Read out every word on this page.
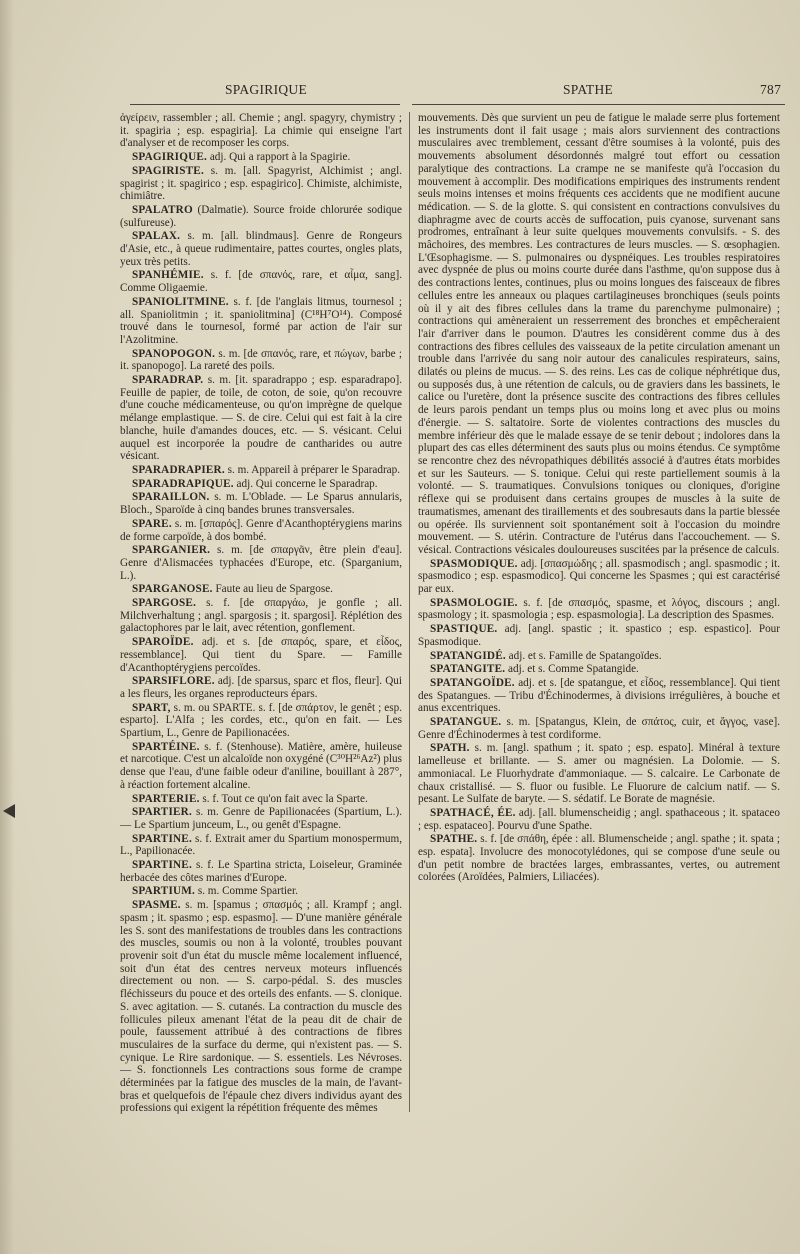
SPAGIRIQUE	SPATHE	787

ἀγείρειν, rassembler ; all. Chemie ; angl. spagyry, chymistry ; it. spagiria ; esp. espagiria]. La chimie qui enseigne l'art d'analyser et de recomposer les corps.

SPAGIRIQUE. adj. Qui a rapport à la Spagirie.

SPAGIRISTE. s. m. [all. Spagyrist, Alchimist ; angl. spagirist ; it. spagirico ; esp. espagirico]. Chimiste, alchimiste, chimiâtre.

SPALATRO (Dalmatie). Source froide chlorurée sodique (sulfureuse).

SPALAX. s. m. [all. blindmaus]. Genre de Rongeurs d'Asie, etc., à queue rudimentaire, pattes courtes, ongles plats, yeux très petits.

SPANHÉMIE. s. f. [de σπανός, rare, et αἷμα, sang]. Comme Oligaemie.

SPANIOLITMINE. s. f. [de l'anglais litmus, tournesol ; all. Spaniolitmin ; it. spaniolitmina] (C¹⁸H⁷O¹⁴). Composé trouvé dans le tournesol, formé par action de l'air sur l'Azolitmine.

SPANOPOGON. s. m. [de σπανός, rare, et πώγων, barbe ; it. spanopogo]. La rareté des poils.

SPARADRAP. s. m. [it. sparadrappo ; esp. esparadrapo]. Feuille de papier, de toile, de coton, de soie, qu'on recouvre d'une couche médicamenteuse, ou qu'on imprègne de quelque mélange emplastique. — S. de cire. Celui qui est fait à la cire blanche, huile d'amandes douces, etc. — S. vésicant. Celui auquel est incorporée la poudre de cantharides ou autre vésicant.

SPARADRAPIER. s. m. Appareil à préparer le Sparadrap.

SPARADRAPIQUE. adj. Qui concerne le Sparadrap.

SPARAILLON. s. m. L'Oblade. — Le Sparus annularis, Bloch., Sparoïde à cinq bandes brunes transversales.

SPARE. s. m. [σπαρός]. Genre d'Acanthoptérygiens marins de forme carpoïde, à dos bombé.

SPARGANIER. s. m. [de σπαργᾶν, être plein d'eau]. Genre d'Alismacées typhacées d'Europe, etc. (Sparganium, L.).

SPARGANOSE. Faute au lieu de Spargose.

SPARGOSE. s. f. [de σπαργάω, je gonfle ; all. Milchverhaltung ; angl. spargosis ; it. spargosi]. Réplétion des galactophores par le lait, avec rétention, gonflement.

SPAROÏDE. adj. et s. [de σπαρός, spare, et εἶδος, ressemblance]. Qui tient du Spare. — Famille d'Acanthoptérygiens percoïdes.

SPARSIFLORE. adj. [de sparsus, sparc et flos, fleur]. Qui a les fleurs, les organes reproducteurs épars.

SPART, s. m. ou SPARTE. s. f. [de σπάρτον, le genêt ; esp. esparto]. L'Alfa ; les cordes, etc., qu'on en fait. — Les Spartium, L., Genre de Papilionacées.

SPARTÉINE. s. f. (Stenhouse). Matière, amère, huileuse et narcotique. C'est un alcaloïde non oxygéné (C³⁰H²⁶Az²) plus dense que l'eau, d'une faible odeur d'aniline, bouillant à 287°, à réaction fortement alcaline.

SPARTERIE. s. f. Tout ce qu'on fait avec la Sparte.

SPARTIER. s. m. Genre de Papilionacées (Spartium, L.). — Le Spartium junceum, L., ou genêt d'Espagne.

SPARTINE. s. f. Extrait amer du Spartium monospermum, L., Papilionacée.

SPARTINE. s. f. Le Spartina stricta, Loiseleur, Graminée herbacée des côtes marines d'Europe.

SPARTIUM. s. m. Comme Spartier.

SPASME. s. m. [spamus ; σπασμός ; all. Krampf ; angl. spasm ; it. spasmo ; esp. espasmo]. — D'une manière générale les S. sont des manifestations de troubles dans les contractions des muscles, soumis ou non à la volonté, troubles pouvant provenir soit d'un état du muscle même localement influencé, soit d'un état des centres nerveux moteurs influencés directement ou non. — S. carpo-pédal. S. des muscles fléchisseurs du pouce et des orteils des enfants. — S. clonique. S. avec agitation. — S. cutanés. La contraction du muscle des follicules pileux amenant l'état de la peau dit de chair de poule, faussement attribué à des contractions de fibres musculaires de la surface du derme, qui n'existent pas. — S. cynique. Le Rire sardonique. — S. essentiels. Les Névroses. — S. fonctionnels Les contractions sous forme de crampe déterminées par la fatigue des muscles de la main, de l'avant-bras et quelquefois de l'épaule chez divers individus ayant des professions qui exigent la répétition fréquente des mêmes

mouvements. Dès que survient un peu de fatigue le malade serre plus fortement les instruments dont il fait usage ; mais alors surviennent des contractions musculaires avec tremblement, cessant d'être soumises à la volonté, puis des mouvements absolument désordonnés malgré tout effort ou cessation paralytique des contractions. La crampe ne se manifeste qu'à l'occasion du mouvement à accomplir. Des modifications empiriques des instruments rendent seuls moins intenses et moins fréquents ces accidents que ne modifient aucune médication. — S. de la glotte. S. qui consistent en contractions convulsives du diaphragme avec de courts accès de suffocation, puis cyanose, survenant sans prodromes, entraînant à leur suite quelques mouvements convulsifs. - S. des mâchoires, des membres. Les contractures de leurs muscles. — S. œsophagien. L'Œsophagisme. — S. pulmonaires ou dyspnéiques. Les troubles respiratoires avec dyspnée de plus ou moins courte durée dans l'asthme, qu'on suppose dus à des contractions lentes, continues, plus ou moins longues des faisceaux de fibres cellules entre les anneaux ou plaques cartilagineuses bronchiques (seuls points où il y ait des fibres cellules dans la trame du parenchyme pulmonaire) ; contractions qui amèneraient un resserrement des bronches et empêcheraient l'air d'arriver dans le poumon. D'autres les considèrent comme dus à des contractions des fibres cellules des vaisseaux de la petite circulation amenant un trouble dans l'arrivée du sang noir autour des canalicules respirateurs, sains, dilatés ou pleins de mucus. — S. des reins. Les cas de colique néphrétique dus, ou supposés dus, à une rétention de calculs, ou de graviers dans les bassinets, le calice ou l'uretère, dont la présence suscite des contractions des fibres cellules de leurs parois pendant un temps plus ou moins long et avec plus ou moins d'énergie. — S. saltatoire. Sorte de violentes contractions des muscles du membre inférieur dès que le malade essaye de se tenir debout ; indolores dans la plupart des cas elles déterminent des sauts plus ou moins étendus. Ce symptôme se rencontre chez des névropathiques débilités associé à d'autres états morbides et sur les Sauteurs. — S. tonique. Celui qui reste partiellement soumis à la volonté. — S. traumatiques. Convulsions toniques ou cloniques, d'origine réflexe qui se produisent dans certains groupes de muscles à la suite de traumatismes, amenant des tiraillements et des soubresauts dans la partie blessée ou opérée. Ils surviennent soit spontanément soit à l'occasion du moindre mouvement. — S. utérin. Contracture de l'utérus dans l'accouchement. — S. vésical. Contractions vésicales douloureuses suscitées par la présence de calculs.

SPASMODIQUE. adj. [σπασμώδης ; all. spasmodisch ; angl. spasmodic ; it. spasmodico ; esp. espasmodico]. Qui concerne les Spasmes ; qui est caractérisé par eux.

SPASMOLOGIE. s. f. [de σπασμός, spasme, et λόγος, discours ; angl. spasmology ; it. spasmologia ; esp. espasmologia]. La description des Spasmes.

SPASTIQUE. adj. [angl. spastic ; it. spastico ; esp. espastico]. Pour Spasmodique.

SPATANGIDÉ. adj. et s. Famille de Spatangoïdes.

SPATANGITE. adj. et s. Comme Spatangide.

SPATANGOÏDE. adj. et s. [de spatangue, et εἶδος, ressemblance]. Qui tient des Spatangues. — Tribu d'Échinodermes, à divisions irrégulières, à bouche et anus excentriques.

SPATANGUE. s. m. [Spatangus, Klein, de σπάτος, cuir, et ἄγγος, vase]. Genre d'Échinodermes à test cordiforme.

SPATH. s. m. [angl. spathum ; it. spato ; esp. espato]. Minéral à texture lamelleuse et brillante. — S. amer ou magnésien. La Dolomie. — S. ammoniacal. Le Fluorhydrate d'ammoniaque. — S. calcaire. Le Carbonate de chaux cristallisé. — S. fluor ou fusible. Le Fluorure de calcium natif. — S. pesant. Le Sulfate de baryte. — S. sédatif. Le Borate de magnésie.

SPATHACÉ, ÉE. adj. [all. blumenscheidig ; angl. spathaceous ; it. spataceo ; esp. espataceo]. Pourvu d'une Spathe.

SPATHE. s. f. [de σπάθη, épée : all. Blumenscheide ; angl. spathe ; it. spata ; esp. espata]. Involucre des monocotylédones, qui se compose d'une seule ou d'un petit nombre de bractées larges, embrassantes, vertes, ou autrement colorées (Aroïdées, Palmiers, Liliacées).
